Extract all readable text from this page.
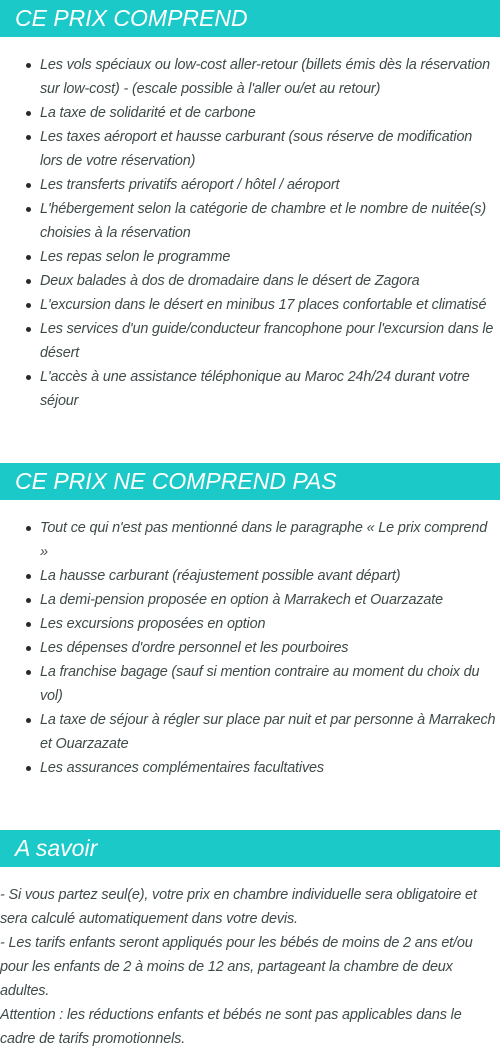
CE PRIX COMPREND
Les vols spéciaux ou low-cost aller-retour (billets émis dès la réservation sur low-cost) - (escale possible à l'aller ou/et au retour)
La taxe de solidarité et de carbone
Les taxes aéroport et hausse carburant (sous réserve de modification lors de votre réservation)
Les transferts privatifs aéroport / hôtel / aéroport
L'hébergement selon la catégorie de chambre et le nombre de nuitée(s) choisies à la réservation
Les repas selon le programme
Deux balades à dos de dromadaire dans le désert de Zagora
L'excursion dans le désert en minibus 17 places confortable et climatisé
Les services d'un guide/conducteur francophone pour l'excursion dans le désert
L'accès à une assistance téléphonique au Maroc 24h/24 durant votre séjour
CE PRIX NE COMPREND PAS
Tout ce qui n'est pas mentionné dans le paragraphe « Le prix comprend »
La hausse carburant (réajustement possible avant départ)
La demi-pension proposée en option à Marrakech et Ouarzazate
Les excursions proposées en option
Les dépenses d'ordre personnel et les pourboires
La franchise bagage (sauf si mention contraire au moment du choix du vol)
La taxe de séjour à régler sur place par nuit et par personne à Marrakech et Ouarzazate
Les assurances complémentaires facultatives
A savoir

- Si vous partez seul(e), votre prix en chambre individuelle sera obligatoire et sera calculé automatiquement dans votre devis.

- Les tarifs enfants seront appliqués pour les bébés de moins de 2 ans et/ou pour les enfants de 2 à moins de 12 ans, partageant la chambre de deux adultes.

Attention : les réductions enfants et bébés ne sont pas applicables dans le cadre de tarifs promotionnels.
